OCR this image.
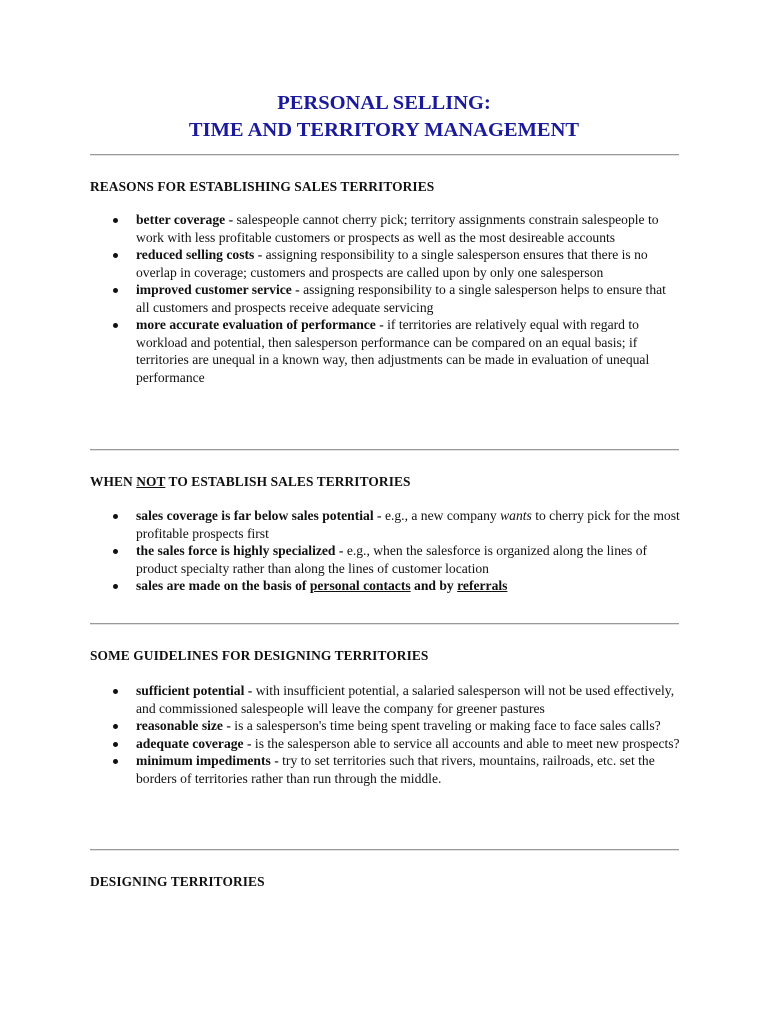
PERSONAL SELLING:
TIME AND TERRITORY MANAGEMENT
REASONS FOR ESTABLISHING SALES TERRITORIES
better coverage - salespeople cannot cherry pick; territory assignments constrain salespeople to work with less profitable customers or prospects as well as the most desireable accounts
reduced selling costs - assigning responsibility to a single salesperson ensures that there is no overlap in coverage; customers and prospects are called upon by only one salesperson
improved customer service - assigning responsibility to a single salesperson helps to ensure that all customers and prospects receive adequate servicing
more accurate evaluation of performance - if territories are relatively equal with regard to workload and potential, then salesperson performance can be compared on an equal basis; if territories are unequal in a known way, then adjustments can be made in evaluation of unequal performance
WHEN NOT TO ESTABLISH SALES TERRITORIES
sales coverage is far below sales potential - e.g., a new company wants to cherry pick for the most profitable prospects first
the sales force is highly specialized - e.g., when the salesforce is organized along the lines of product specialty rather than along the lines of customer location
sales are made on the basis of personal contacts and by referrals
SOME GUIDELINES FOR DESIGNING TERRITORIES
sufficient potential - with insufficient potential, a salaried salesperson will not be used effectively, and commissioned salespeople will leave the company for greener pastures
reasonable size - is a salesperson's time being spent traveling or making face to face sales calls?
adequate coverage - is the salesperson able to service all accounts and able to meet new prospects?
minimum impediments - try to set territories such that rivers, mountains, railroads, etc. set the borders of territories rather than run through the middle.
DESIGNING TERRITORIES
